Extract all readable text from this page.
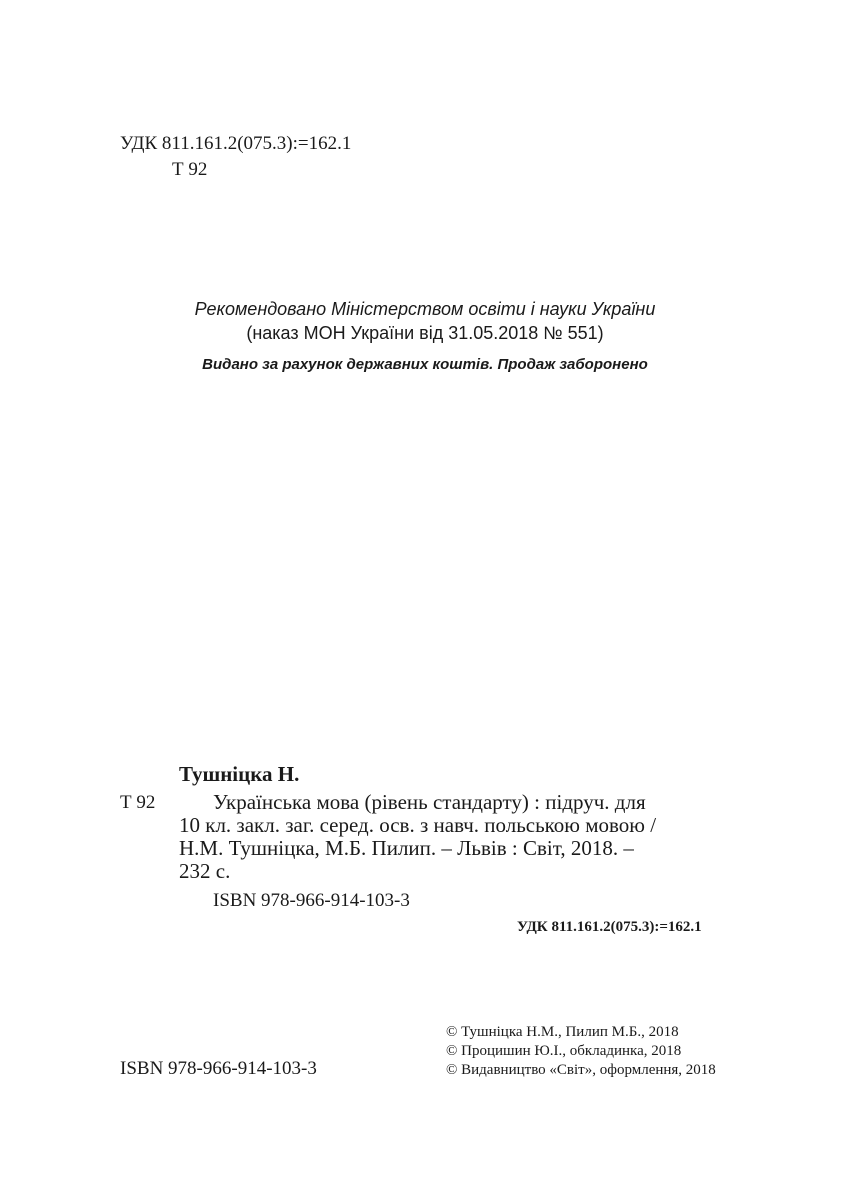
УДК 811.161.2(075.3):=162.1
Т 92
Рекомендовано Міністерством освіти і науки України
(наказ МОН України від 31.05.2018 № 551)
Видано за рахунок державних коштів. Продаж заборонено
Тушніцка Н.
Т 92	Українська мова (рівень стандарту) : підруч. для
10 кл. закл. заг. серед. осв. з навч. польською мовою /
Н.М. Тушніцка, М.Б. Пилип. – Львів : Світ, 2018. –
232 с.
ISBN 978-966-914-103-3
УДК 811.161.2(075.3):=162.1
ISBN 978-966-914-103-3
© Тушніцка Н.М., Пилип М.Б., 2018
© Процишин Ю.І., обкладинка, 2018
© Видавництво «Світ», оформлення, 2018
